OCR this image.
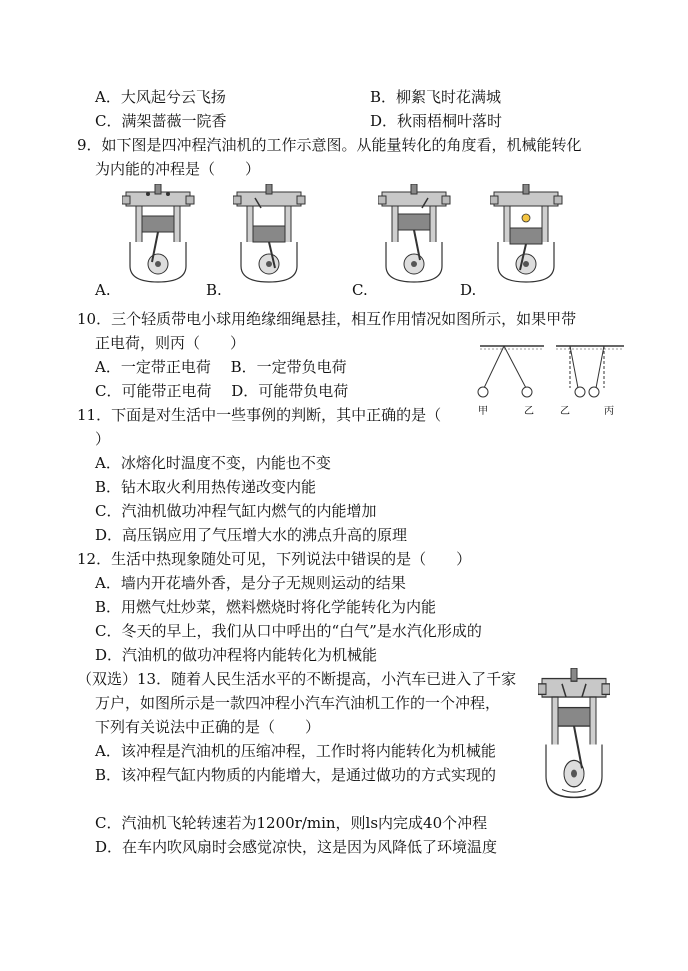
A．大风起兮云飞扬	B．柳絮飞时花满城
C．满架蔷薇一院香	D．秋雨梧桐叶落时
9．如下图是四冲程汽油机的工作示意图。从能量转化的角度看，机械能转化
为内能的冲程是（　　）
A.	B.	C.	D.
10．三个轻质带电小球用绝缘细绳悬挂，相互作用情况如图所示，如果甲带
正电荷，则丙（　　）
A．一定带正电荷　 B．一定带负电荷
C．可能带正电荷　 D．可能带负电荷
甲	乙	乙	丙
11．下面是对生活中一些事例的判断，其中正确的是（
）
A．冰熔化时温度不变，内能也不变
B．钻木取火利用热传递改变内能
C．汽油机做功冲程气缸内燃气的内能增加
D．高压锅应用了气压增大水的沸点升高的原理
12．生活中热现象随处可见，下列说法中错误的是（　　）
A．墙内开花墙外香，是分子无规则运动的结果
B．用燃气灶炒菜，燃料燃烧时将化学能转化为内能
C．冬天的早上，我们从口中呼出的“白气”是水汽化形成的
D．汽油机的做功冲程将内能转化为机械能
（双选）13．随着人民生活水平的不断提高，小汽车已进入了千家
万户，如图所示是一款四冲程小汽车汽油机工作的一个冲程，
下列有关说法中正确的是（　　）
A．该冲程是汽油机的压缩冲程，工作时将内能转化为机械能
B．该冲程气缸内物质的内能增大，是通过做功的方式实现的
C．汽油机飞轮转速若为1200r/min，则ls内完成40个冲程
D．在车内吹风扇时会感觉凉快，这是因为风降低了环境温度
